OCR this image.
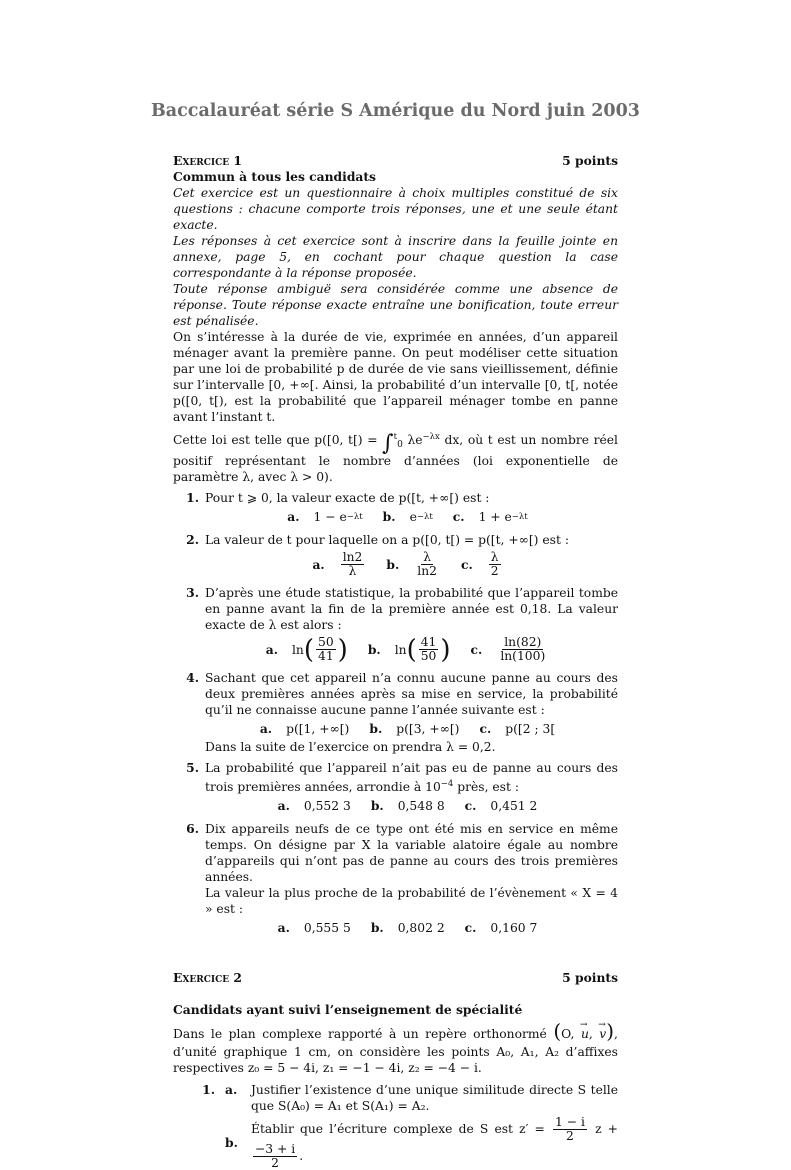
Baccalauréat série S Amérique du Nord juin 2003
Exercice 1	5 points

Commun à tous les candidats

Cet exercice est un questionnaire à choix multiples constitué de six questions : chacune comporte trois réponses, une et une seule étant exacte.

Les réponses à cet exercice sont à inscrire dans la feuille jointe en annexe, page 5, en cochant pour chaque question la case correspondante à la réponse proposée.

Toute réponse ambiguë sera considérée comme une absence de réponse. Toute réponse exacte entraîne une bonification, toute erreur est pénalisée.

On s’intéresse à la durée de vie, exprimée en années, d’un appareil ménager avant la première panne. On peut modéliser cette situation par une loi de probabilité p de durée de vie sans vieillissement, définie sur l’intervalle [0, +∞[. Ainsi, la probabilité d’un intervalle [0, t[, notée p([0, t[), est la probabilité que l’appareil ménager tombe en panne avant l’instant t.

Cette loi est telle que p([0, t[) = ∫$^t_0$ $\lambda e^{-\lambda x}$ dx, où t est un nombre réel positif représentant le nombre d’années (loi exponentielle de paramètre λ, avec λ > 0).

1. Pour t ⩾ 0, la valeur exacte de p([t, +∞[) est :

a. 1 − e −λt b. e −λt c. 1 + e −λt
2. La valeur de t pour laquelle on a p([0, t[) = p([t, +∞[) est :

a. $\frac{\ln 2}{\lambda} b$. $\frac{\lambda}{\ln 2} c$. $\frac{\lambda}{2}$
3. D’après une étude statistique, la probabilité que l’appareil tombe en panne avant la fin de la première année est 0,18. La valeur exacte de λ est alors :

a. ln ( $\frac{50}{41}$ ) b. ln ( $\frac{41}{50}$ ) c. $\frac{\ln(82)}{\ln(100)}$
4. Sachant que cet appareil n’a connu aucune panne au cours des deux premières années après sa mise en service, la probabilité qu’il ne connaisse aucune panne l’année suivante est :

a. p([1, +∞[) b. p([3, +∞[) c. p([2 ; 3[

Dans la suite de l’exercice on prendra λ = 0,2.

5. La probabilité que l’appareil n’ait pas eu de panne au cours des trois premières années, arrondie à $10^{-4}$ près, est :

a. 0,552 3 b. 0,548 8 c. 0,451 2
6. Dix appareils neufs de ce type ont été mis en service en même temps. On désigne par X la variable alatoire égale au nombre d’appareils qui n’ont pas de panne au cours des trois premières années.

La valeur la plus proche de la probabilité de l’évènement « X = 4 » est :

a. 0,555 5 b. 0,802 2 c. 0,160 7
Exercice 2	5 points

Candidats ayant suivi l’enseignement de spécialité

Dans le plan complexe rapporté à un repère orthonormé (O, → u, → v), d’unité graphique 1 cm, on considère les points A₀, A₁, A₂ d’affixes respectives z₀ = 5 − 4i, z₁ = −1 − 4i, z₂ = −4 − i.

1. a.	Justifier l’existence d’une unique similitude directe S telle que S(A₀) = A₁ et S(A₁) = A₂.

b.

Établir que l’écriture complexe de S est $z' = \frac{1 - i}{2}$ z +
$\frac{-3 + i}{2}$ .
